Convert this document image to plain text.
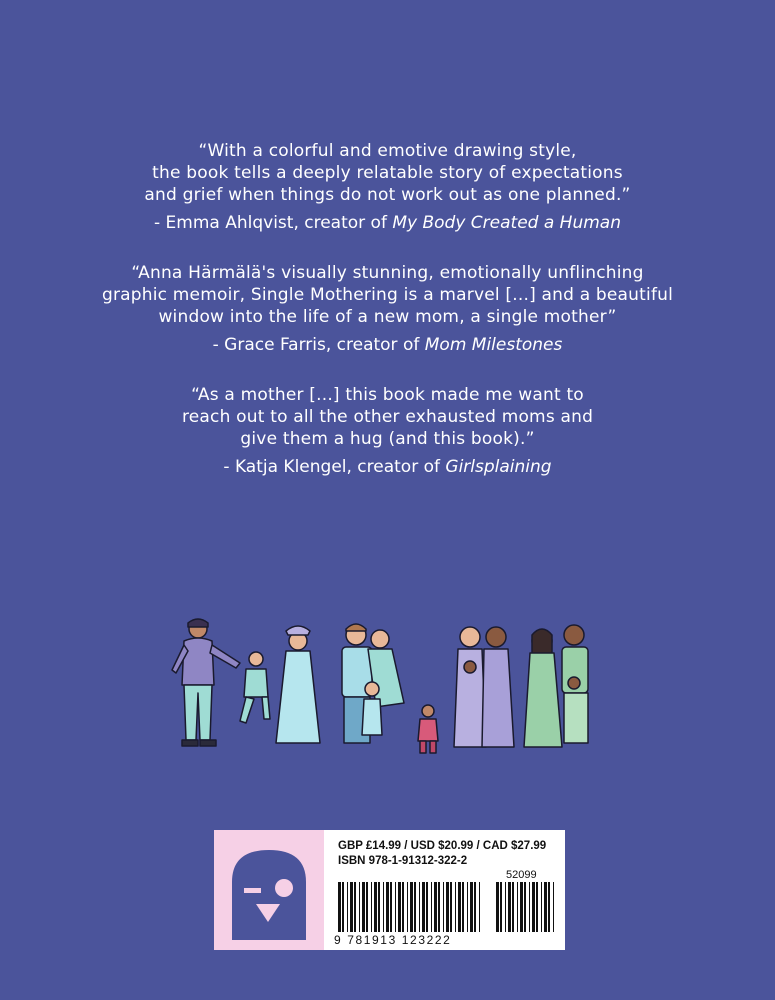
“With a colorful and emotive drawing style,
the book tells a deeply relatable story of expectations
and grief when things do not work out as one planned.”
- Emma Ahlqvist, creator of My Body Created a Human
“Anna Härmälä's visually stunning, emotionally unflinching
graphic memoir, Single Mothering is a marvel [...] and a beautiful
window into the life of a new mom, a single mother”
- Grace Farris, creator of Mom Milestones
“As a mother [...] this book made me want to
reach out to all the other exhausted moms and
give them a hug (and this book).”
- Katja Klengel, creator of Girlsplaining
GBP £14.99 / USD $20.99 / CAD $27.99
ISBN 978-1-91312-322-2
52099
9 781913 123222
